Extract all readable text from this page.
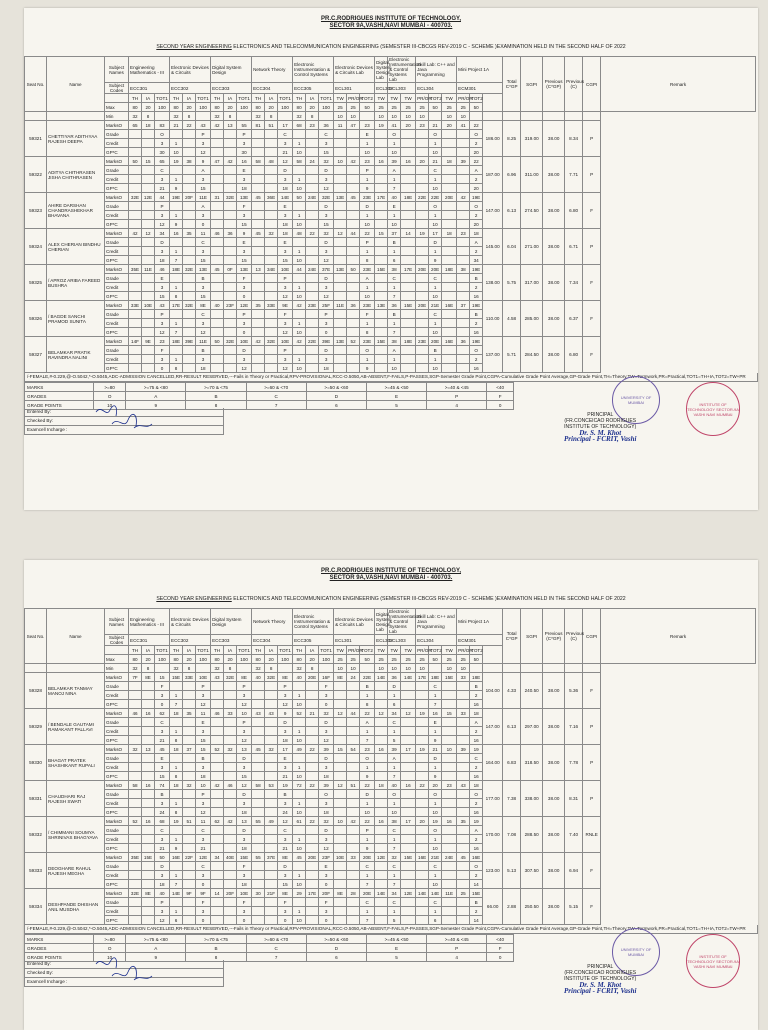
PR.C.RODRIGUES INSTITUTE OF TECHNOLOGY,
SECTOR 9A,VASHI,NAVI MUMBAI - 400703.
SECOND YEAR ENGINEERING ELECTRONICS AND TELECOMMUNICATION ENGINEERING (SEMESTER III-CBCGS REV-2019 C - SCHEME )EXAMINATION HELD IN THE SECOND HALF OF 2022
Seat No.	Name	Subject Names	Engineering Mathematics - III			Electronic Devices & Circuits			Digital System Design			Network Theory			Electronic Instrumentation & Control Systems			Electronic Devices & Circuits Lab			Digital System Design Lab	Electronic Instrumentation & Control Systems Lab		Skill Lab: C++ and Java Programming			Mini Project 1A			Total C*GP	SGPI	Previous (C*GP)	Previous (C)	CGPI	Remark
		Subject Codes	ECC301			ECC302			ECC303			ECC304			ECC305			ECL301			ECL302	ECL303		ECL304			ECM301								
			TH	IA	TOT1	TH	IA	TOT1	TH	IA	TOT1	TH	IA	TOT1	TH	IA	TOT1	TW	PR/OR	TOT2	TW	TW	TW	PR/OR	TOT2	TW	PR/OR	TOT2							
		Max	80	20	100	80	20	100	80	20	100	80	20	100	80	20	100	25	25	50	25	25	25	25	50	25	25	50							
		Min	32	8		32	8		32	8		32	8		32	8		10	10		10	10	10	10		10	10								
59321	CHETTIYAR ADITHYAA RAJESH DEEPA	MarksO	65	18	83	21	22	43	42	13	55	81	51	17	68	23	36	11	47	23	19	41	20	23	21	20	41	22	186.00	8.25	319.00	38.00	8.34	P	
		Grade			O			P			P			C			C			E		O			O			O							
		Credit			3	1		3			3			3	1		3			1		1			1			2							
		GP*C			30	10		12			30			21	10		15			10		10			10			20							
59322	ADITYA CHITHRASEN JISHA CHITHRASEN	MarksO	50	15	65	19	38	9	47	42	16	58	48	12	58	24	32	10	42	23	16	39	16	20	21	18	39	22	187.00	6.96	311.00	38.00	7.71	P	
		Grade			C			A			E			D			D			P		A			C			A							
		Credit			3	1		3			3			3	1		3			1		1			1			2							
		GP*C			21	9		15			18			18	10		12			9		7			10			20							
59323	AHIRE DARSHAN CHANDRASHEKHAR BHAVANA	MarksO	32E	12E	44	19E	20F	11E	31	32E	13E	45	36E	14E	50	24E	32E	13E	45	23E	17E	40	18E	22E	22E	20E	42	19E	147.00	6.13	274.50	38.00	6.80	F	
		Grade			P			A			F			E			D			D		E			O			O							
		Credit			3	1		3			3			3	1		3			1		1			1			2							
		GP*C			12	9		0			15			18	10		15			10		10			10			20							
59324	ALEX CHERIAN BINDHU CHERIAN	MarksO	42	12	34	16	35	11	46	36	9	45	32	18	48	22	32	12	44	22	15	37	14	19	17	18	23	18	145.00	6.04	271.00	38.00	6.71	P	
		Grade			D			C			E			E			D			P		B			D			A							
		Credit			3	1		3			3			3	1		3			1		1			1			2							
		GP*C			18	7		15			15			15	10		12			8		6			9			34							
59325	/ APROZ ARIBA FAREED BUSHRA	MarksO	35E	11E	46	18E	32E	13E	45	0F	13E	13	34E	10E	44	24E	37E	13E	50	23E	15E	38	17E	20E	20E	18E	38	19E	138.00	5.75	317.00	38.00	7.34	F	
		Grade			E			B			F			P			D			A		C			C			B							
		Credit			3	1		3			3			3	1		3			1		1			1			2							
		GP*C			15	8		15			0			12	10		12			10		7			10			16							
59326	/ BAGDE SANCHI PRAMOD SUNITA	MarksO	33E	10E	43	17E	32E	8E	40	23F	12E	35	33E	9E	42	23E	25F	11E	36	23E	13E	36	15E	20E	21E	16E	37	19E	110.00	4.58	285.00	38.00	6.37	F	
		Grade			P			C			P			F			P			F		B			C			B							
		Credit			3	1		3			3			3	1		3			1		1			1			2							
		GP*C			12	7		12			0			12	10		0			8		7			10			16							
59327	BELAMKAR PRATIK RAVINDRA NALINI	MarksO	14F	9E	23	18E	39E	11E	50	32E	10E	42	32E	10E	42	22E	39E	13E	52	23E	15E	38	18E	23E	20E	16E	36	19E	137.00	5.71	284.50	38.00	6.80	F	
		Grade			F			B			D			P			D			O		A			B			O							
		Credit			3	1		3			3			3	1		3			1		1			1			2							
		GP*C			0	8		18			12			12	10		18			9		10			10			16							
/-FEMALE,#-0.229,@-O.5042,*-O.5045,ADC-ADMISSION CANCELLED,RR-RESULT RESERVED,---Fails in Theory or Practical,RPV-PROVISIONAL,RCC-O.5050,AB-ABSENT,F-FAILS,P-PASSES,SGP-Semester Grade Point,CGPA-Cumulative Grade Point Average,GP-Grade Point,TH=Theory,TW=Termwork,PR=Practical,TOT1=TH+IA,TOT2=TW+PR
MARKS	>=80	>=75 & <80	>=70 & <75	>=60 & <70	>=50 & <60	>=45 & <50	>=40 & <45	<40
GRADES	O	A	B	C	D	E	P	F
GRADE POINTS	10	9	8	7	6	5	4	0
Entered By:
Checked By:
Examcell Incharge :
UNIVERSITY OF MUMBAI	INSTITUTE OF TECHNOLOGY SECTOR-9A VASHI NAVI MUMBAI
PRINCIPAL
(FR.CONCEICAO RODRIGUES
INSTITUTE OF TECHNOLOGY)
Dr. S. M. Khot
Principal - FCRIT, Vashi
PR.C.RODRIGUES INSTITUTE OF TECHNOLOGY,
SECTOR 9A,VASHI,NAVI MUMBAI - 400703.
SECOND YEAR ENGINEERING ELECTRONICS AND TELECOMMUNICATION ENGINEERING (SEMESTER III-CBCGS REV-2019 C - SCHEME )EXAMINATION HELD IN THE SECOND HALF OF 2022
Seat No.	Name	Subject Names	Engineering Mathematics - III			Electronic Devices & Circuits			Digital System Design			Network Theory			Electronic Instrumentation & Control Systems			Electronic Devices & Circuits Lab			Digital System Design Lab	Electronic Instrumentation & Control Systems Lab		Skill Lab: C++ and Java Programming			Mini Project 1A			Total C*GP	SGPI	Previous (C*GP)	Previous (C)	CGPI	Remark
		Subject Codes	ECC301			ECC302			ECC303			ECC304			ECC305			ECL301			ECL302	ECL303		ECL304			ECM301								
			TH	IA	TOT1	TH	IA	TOT1	TH	IA	TOT1	TH	IA	TOT1	TH	IA	TOT1	TW	PR/OR	TOT2	TW	TW	TW	PR/OR	TOT2	TW	PR/OR	TOT2							
		Max	80	20	100	80	20	100	80	20	100	80	20	100	80	20	100	25	25	50	25	25	25	25	50	25	25	50							
		Min	32	8		32	8		32	8		32	8		32	8		10	10		10	10	10	10		10	10								
59328	BELAMKAR TANMAY MANOJ NINA	MarksO	7F	8E	15	15E	33E	10E	43	32E	8E	40	32E	8E	40	20E	16F	8E	24	22E	14E	36	14E	17E	18E	15E	33	18E	104.00	4.33	240.50	38.00	5.36	F	
		Grade			F			P			P			P			F			B		D			C			B							
		Credit			3	1		3			3			3	1		3			1		1			1			2							
		GP*C			0	7		12			12			12	10		0			8		6			7			16							
59329	/ BENDALE GAUTAMI RAMAKANT PALLAVI	MarksO	46	16	62	18	35	11	46	33	10	43	43	9	52	21	32	12	44	22	12	34	12	19	16	15	33	18	147.00	6.13	297.00	38.00	7.16	P	
		Grade			C			E			P			D			D			A		C			E			A							
		Credit			3	1		3			3			3	1		3			1		1			1			2							
		GP*C			21	8		15			12			18	10		12			7		5			9			16							
59330	BHAGAT PRATEK SHASHIKANT RUPALI	MarksO	32	13	45	18	37	15	52	32	13	45	32	17	49	22	39	15	54	23	16	39	17	19	21	10	39	19	164.00	6.83	318.50	38.00	7.78	P	
		Grade			E			B			D			E			D			O		A			D			C							
		Credit			3	1		3			3			3	1		3			1		1			1			2							
		GP*C			15	8		18			15			21	10		18			9		7			9			16							
59331	CHAUDHARI RAJ RAJESH SWATI	MarksO	58	16	74	18	32	10	42	46	12	58	53	19	72	22	39	12	51	22	18	40	16	22	20	23	43	18	177.00	7.38	338.00	38.00	8.31	P	
		Grade			B			P			D			B			O			D		O			O			O							
		Credit			3	1		3			3			3	1		3			1		1			1			2							
		GP*C			24	8		12			18			24	10		18			10		10			10			16							
59332	/ CHIMMANI SOUMYA SHRINIVAS BHAGYAVA	MarksO	52	16	68	19	51	11	62	42	13	55	49	12	61	22	32	10	42	22	16	38	17	20	19	16	35	19	170.00	7.08	288.50	38.00	7.40	RNLE	
		Grade			C			C			D			C			D			P		C			O			A							
		Credit			3	1		3			3			3	1		3			1		1			1			2							
		GP*C			21	9		21			18			21	10		12			9		7			10			16							
59333	DEOGHARE RAHUL RAJESH MEGHA	MarksO	35E	15E	50	16E	22F	12E	34	40E	15E	55	37E	8E	45	20E	23F	10E	33	20E	12E	32	15E	16E	21E	24E	45	16E	123.00	5.13	307.50	38.00	6.94	F	
		Grade			D			C			F			D			E			C		C			C			O							
		Credit			3	1		3			3			3	1		3			1		1			1			2							
		GP*C			18	7		0			18			15	10		0			7		7			10			14							
59334	DESHPANDE DHISHAN ANIL MUSDHA	MarksO	32E	8E	40	14E	9F	9F	14	20F	10E	30	21F	8E	29	17E	20F	8E	28	20E	14E	34	12E	14E	14E	11E	25	15E	66.00	2.88	250.50	38.00	5.15	F	
		Grade			P			F			F			F			F			C		C			C			B							
		Credit			3	1		3			3			3	1		3			1		1			1			2							
		GP*C			12	6		0			0			0	10		0			7		5			6			14							
/-FEMALE,#-0.229,@-O.5042,*-O.5045,ADC-ADMISSION CANCELLED,RR-RESULT RESERVED,---Fails in Theory or Practical,RPV-PROVISIONAL,RCC-O.5050,AB-ABSENT,F-FAILS,P-PASSES,SGP-Semester Grade Point,CGPA-Cumulative Grade Point Average,GP-Grade Point,TH=Theory,TW=Termwork,PR=Practical,TOT1=TH+IA,TOT2=TW+PR
MARKS	>=80	>=75 & <80	>=70 & <75	>=60 & <70	>=50 & <60	>=45 & <50	>=40 & <45	<40
GRADES	O	A	B	C	D	E	P	F
GRADE POINTS	10	9	8	7	6	5	4	0
Entered By:
Checked By:
Examcell Incharge :
UNIVERSITY OF MUMBAI	INSTITUTE OF TECHNOLOGY SECTOR-9A VASHI NAVI MUMBAI
PRINCIPAL
(FR.CONCEICAO RODRIGUES
INSTITUTE OF TECHNOLOGY)
Dr. S. M. Khot
Principal - FCRIT, Vashi
